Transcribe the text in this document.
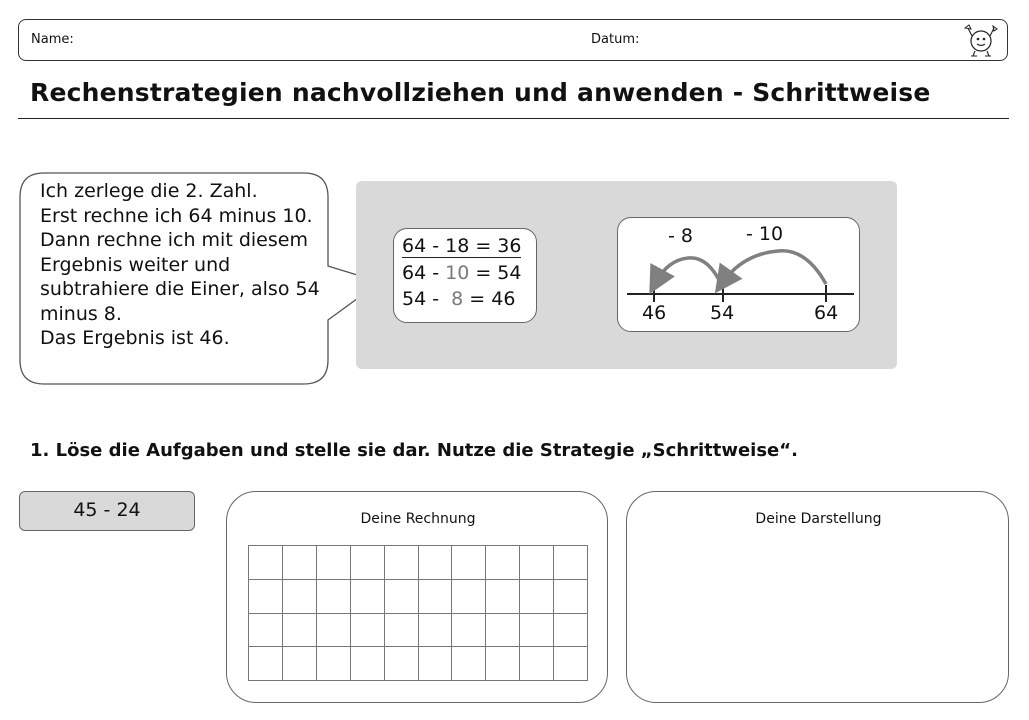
Name:	Datum:
Rechenstrategien nachvollziehen und anwenden - Schrittweise
Ich zerlege die 2. Zahl.
Erst rechne ich 64 minus 10.
Dann rechne ich mit diesem Ergebnis weiter und subtrahiere die Einer, also 54 minus 8.
Das Ergebnis ist 46.
64 - 18 = 36
64 - 10 = 54
54 -  8 = 46
- 8	- 10
46 54	64
1. Löse die Aufgaben und stelle sie dar. Nutze die Strategie „Schrittweise“.
45 - 24	Deine Rechnung	Deine Darstellung
